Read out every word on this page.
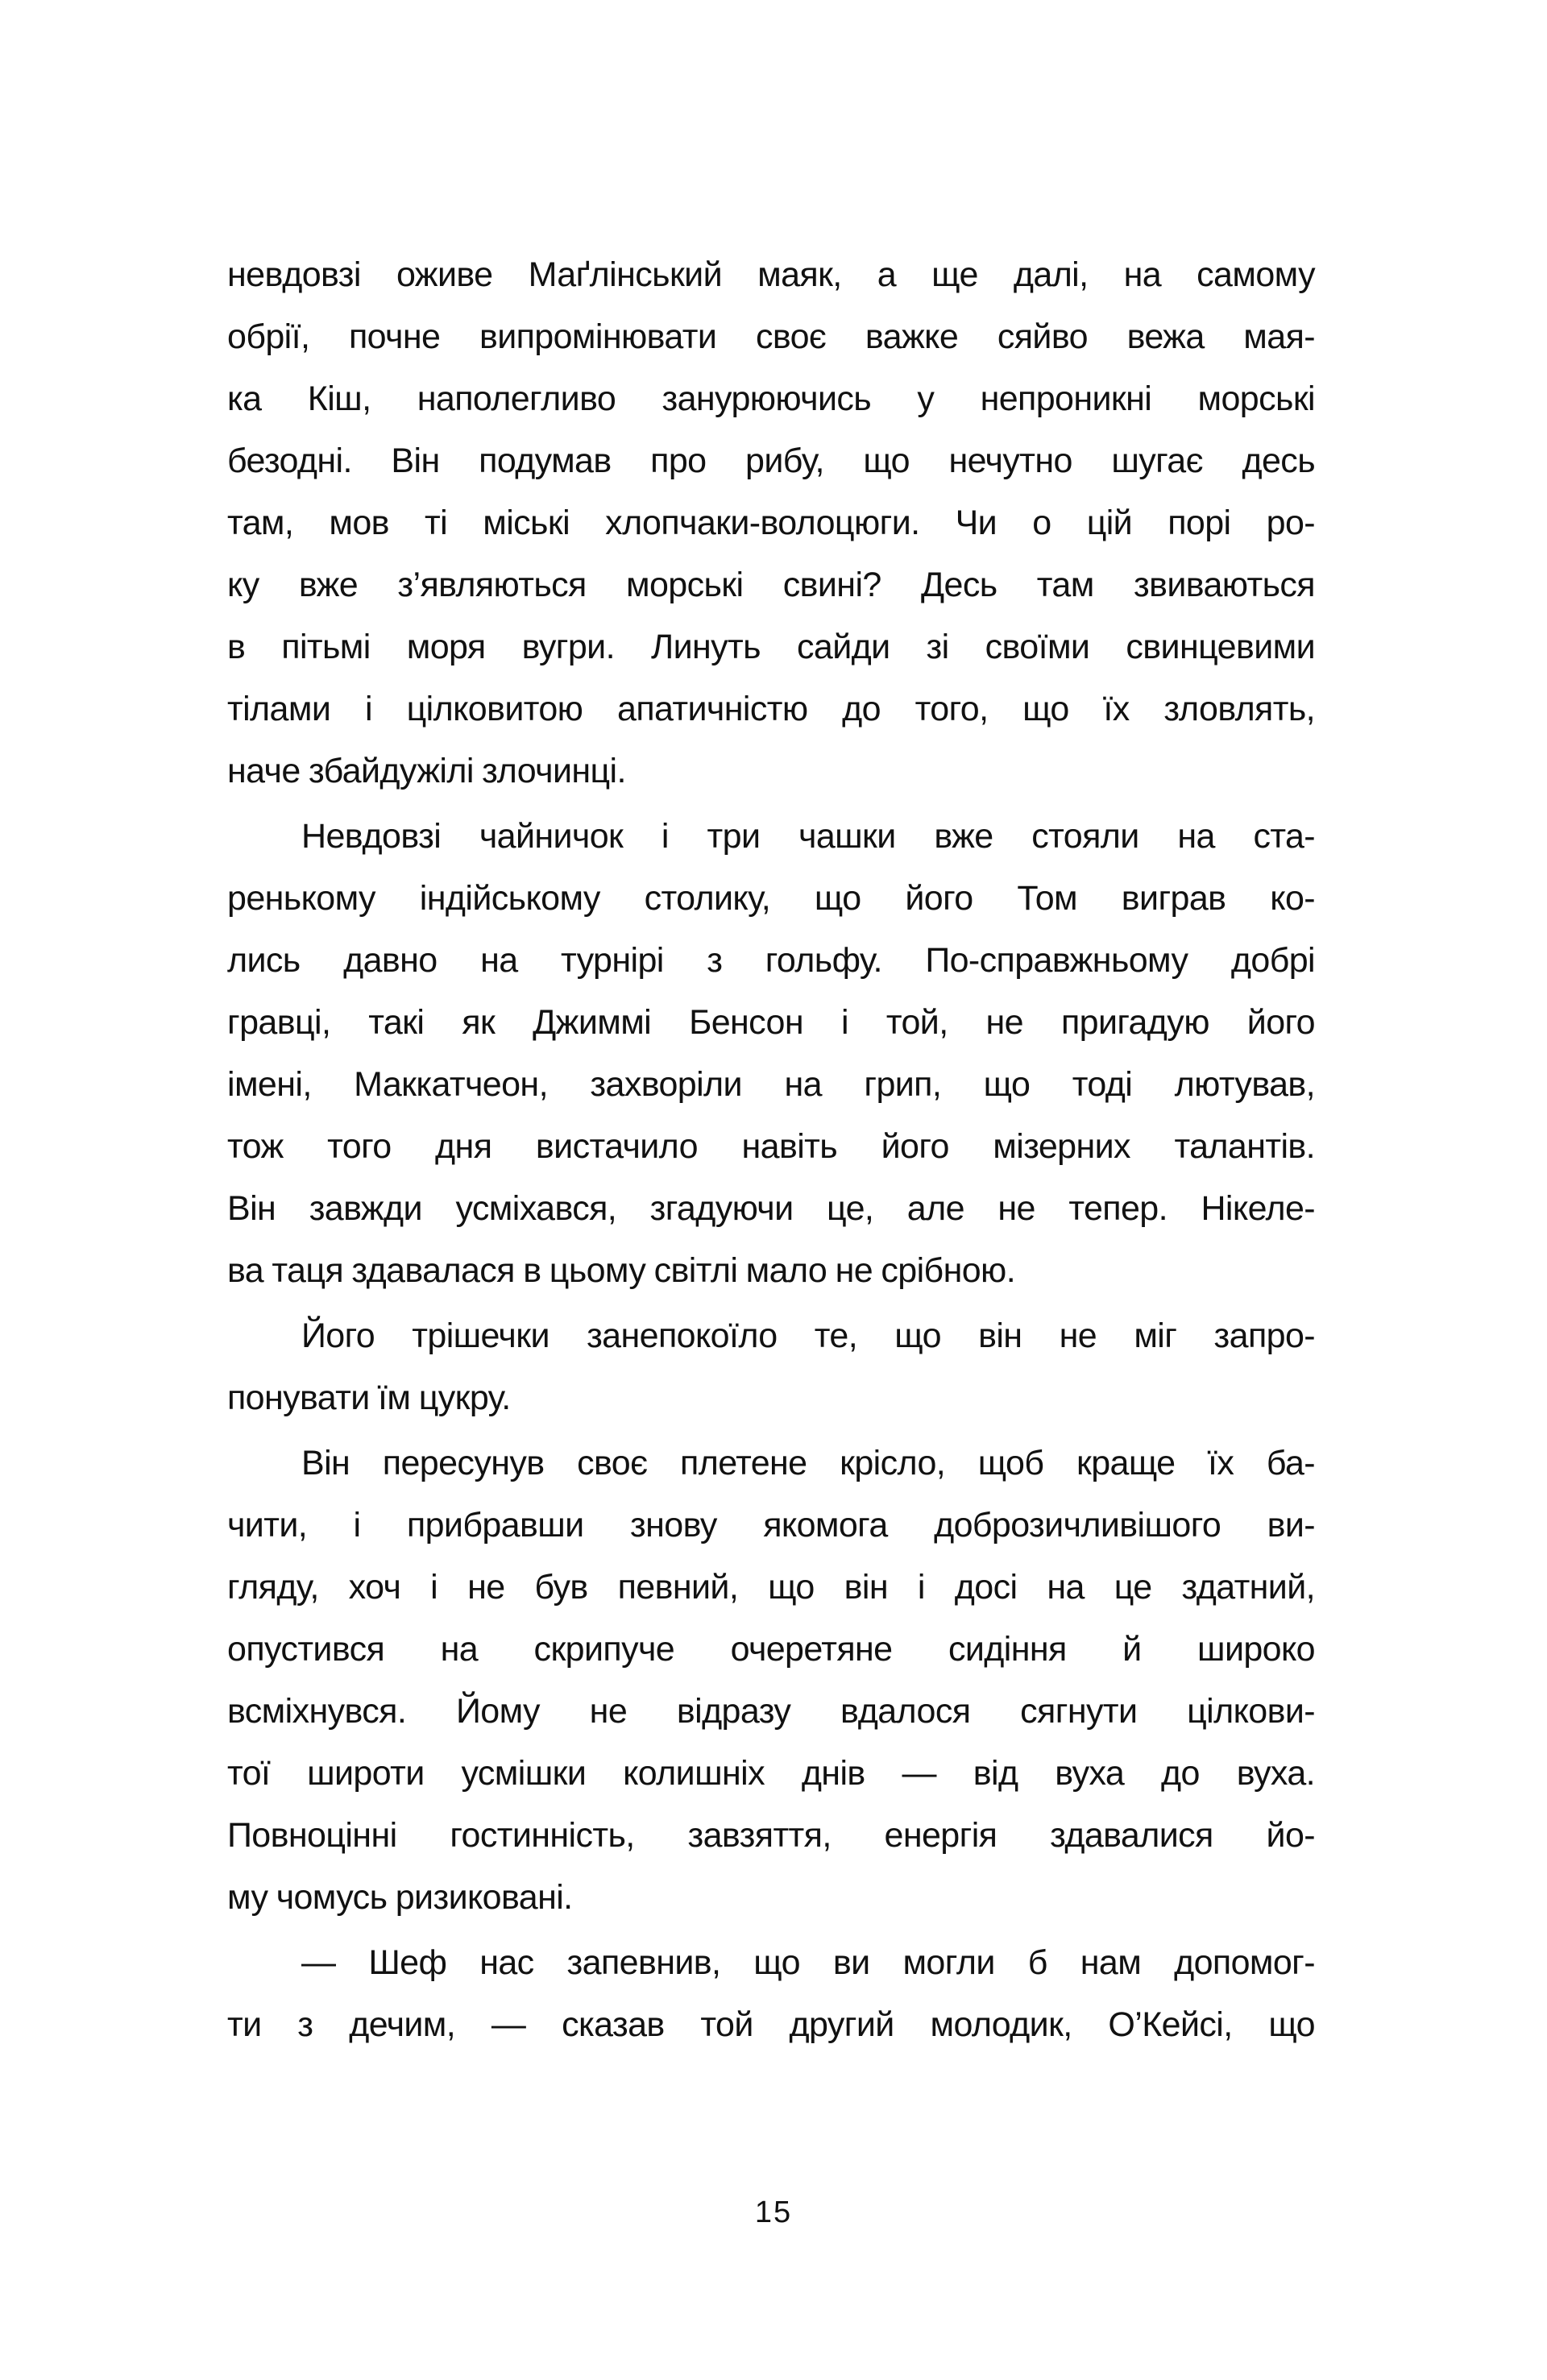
невдовзі оживе Маґлінський маяк, а ще далі, на самому
обрії, почне випромінювати своє важке сяйво вежа мая-
ка Кіш, наполегливо занурюючись у непроникні морські
безодні. Він подумав про рибу, що нечутно шугає десь
там, мов ті міські хлопчаки-волоцюги. Чи о цій порі ро-
ку вже з’являються морські свині? Десь там звиваються
в пітьмі моря вугри. Линуть сайди зі своїми свинцевими
тілами і цілковитою апатичністю до того, що їх зловлять,
наче збайдужілі злочинці.
Невдовзі чайничок і три чашки вже стояли на ста-
ренькому індійському столику, що його Том виграв ко-
лись давно на турнірі з гольфу. По-справжньому добрі
гравці, такі як Джиммі Бенсон і той, не пригадую його
імені, Маккатчеон, захворіли на грип, що тоді лютував,
тож того дня вистачило навіть його мізерних талантів.
Він завжди усміхався, згадуючи це, але не тепер. Нікеле-
ва таця здавалася в цьому світлі мало не срібною.
Його трішечки занепокоїло те, що він не міг запро-
понувати їм цукру.
Він пересунув своє плетене крісло, щоб краще їх ба-
чити, і прибравши знову якомога доброзичливішого ви-
гляду, хоч і не був певний, що він і досі на це здатний,
опустився на скрипуче очеретяне сидіння й широко
всміхнувся. Йому не відразу вдалося сягнути цілкови-
тої широти усмішки колишніх днів — від вуха до вуха.
Повноцінні гостинність, завзяття, енергія здавалися йо-
му чомусь ризиковані.
— Шеф нас запевнив, що ви могли б нам допомог-
ти з дечим, — сказав той другий молодик, О’Кейсі, що
15
